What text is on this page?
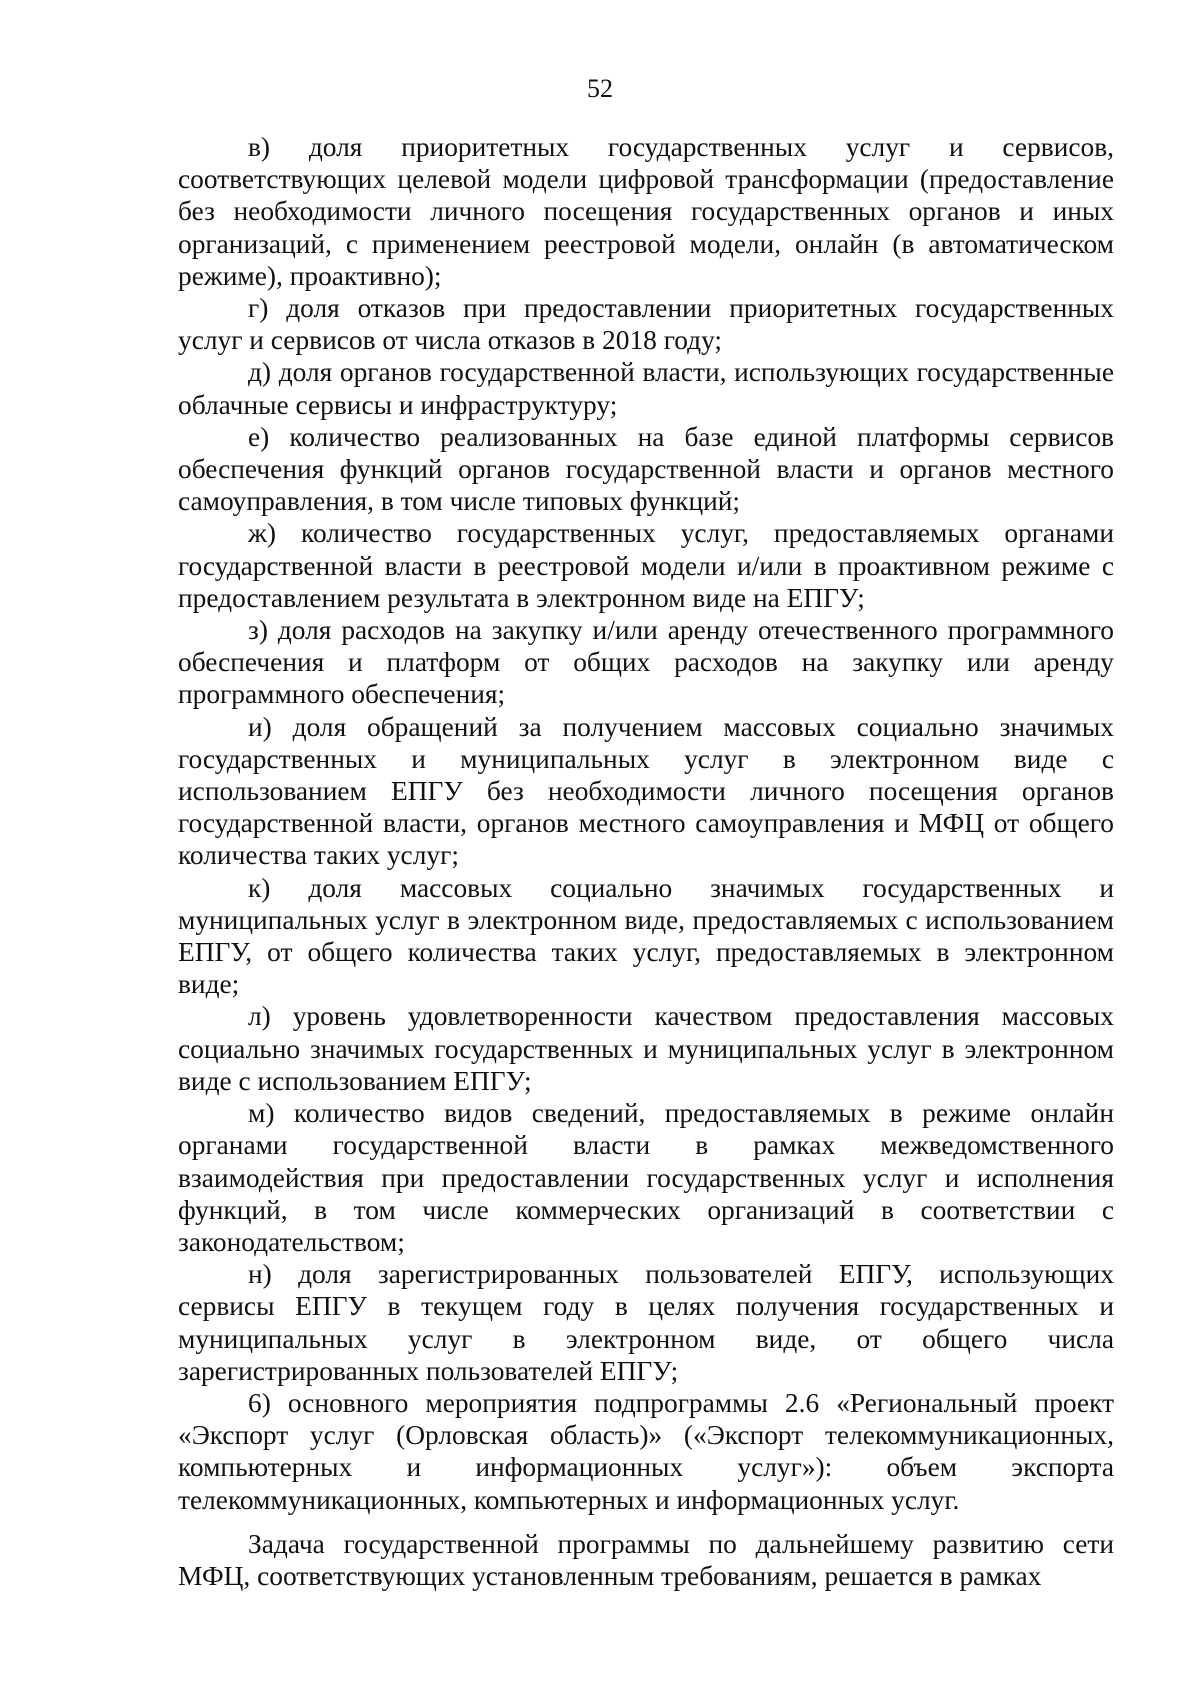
52

в) доля приоритетных государственных услуг и сервисов, соответствующих целевой модели цифровой трансформации (предоставление без необходимости личного посещения государственных органов и иных организаций, с применением реестровой модели, онлайн (в автоматическом режиме), проактивно);

г) доля отказов при предоставлении приоритетных государственных услуг и сервисов от числа отказов в 2018 году;

д) доля органов государственной власти, использующих государственные облачные сервисы и инфраструктуру;

е) количество реализованных на базе единой платформы сервисов обеспечения функций органов государственной власти и органов местного самоуправления, в том числе типовых функций;

ж) количество государственных услуг, предоставляемых органами государственной власти в реестровой модели и/или в проактивном режиме с предоставлением результата в электронном виде на ЕПГУ;

з) доля расходов на закупку и/или аренду отечественного программного обеспечения и платформ от общих расходов на закупку или аренду программного обеспечения;

и) доля обращений за получением массовых социально значимых государственных и муниципальных услуг в электронном виде с использованием ЕПГУ без необходимости личного посещения органов государственной власти, органов местного самоуправления и МФЦ от общего количества таких услуг;

к) доля массовых социально значимых государственных и муниципальных услуг в электронном виде, предоставляемых с использованием ЕПГУ, от общего количества таких услуг, предоставляемых в электронном виде;

л) уровень удовлетворенности качеством предоставления массовых социально значимых государственных и муниципальных услуг в электронном виде с использованием ЕПГУ;

м) количество видов сведений, предоставляемых в режиме онлайн органами государственной власти в рамках межведомственного взаимодействия при предоставлении государственных услуг и исполнения функций, в том числе коммерческих организаций в соответствии с законодательством;

н) доля зарегистрированных пользователей ЕПГУ, использующих сервисы ЕПГУ в текущем году в целях получения государственных и муниципальных услуг в электронном виде, от общего числа зарегистрированных пользователей ЕПГУ;

6) основного мероприятия подпрограммы 2.6 «Региональный проект «Экспорт услуг (Орловская область)» («Экспорт телекоммуникационных, компьютерных и информационных услуг»): объем экспорта телекоммуникационных, компьютерных и информационных услуг.

Задача государственной программы по дальнейшему развитию сети МФЦ, соответствующих установленным требованиям, решается в рамках
